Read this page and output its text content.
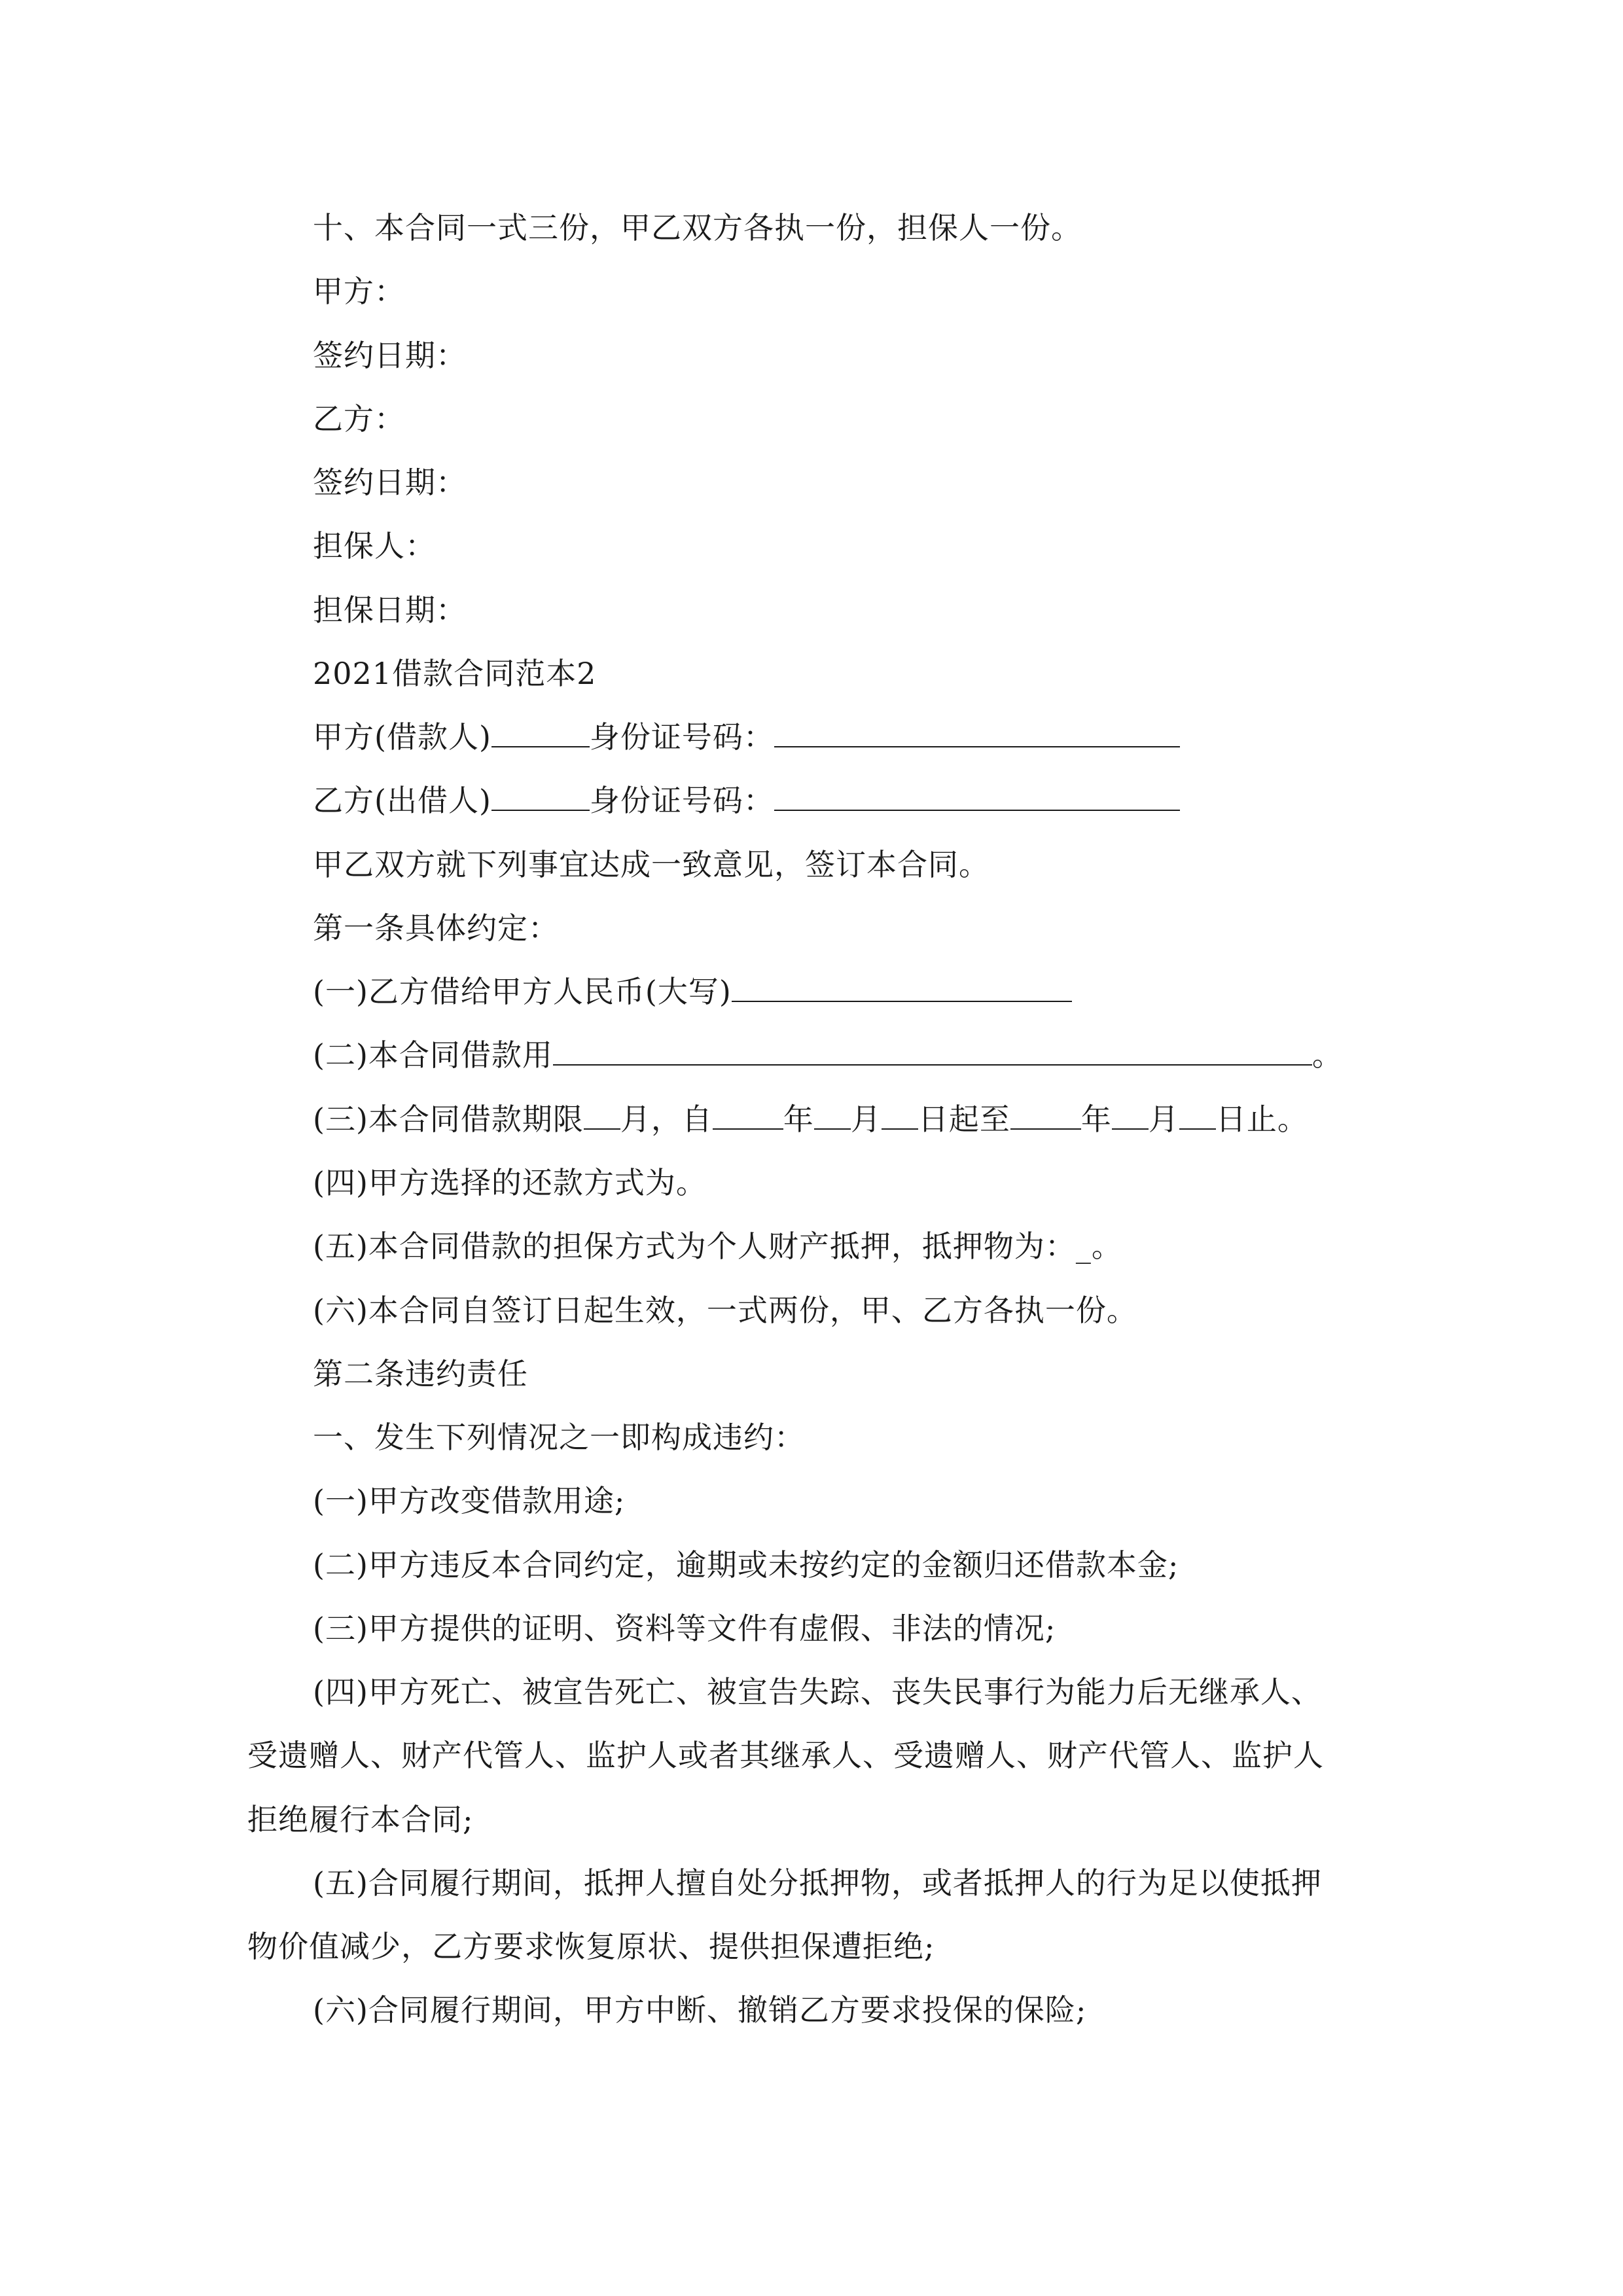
十、本合同一式三份，甲乙双方各执一份，担保人一份。
甲方：
签约日期：
乙方：
签约日期：
担保人：
担保日期：
2021借款合同范本2
甲方(借款人)	身份证号码：
乙方(出借人)	身份证号码：
甲乙双方就下列事宜达成一致意见，签订本合同。
第一条具体约定：
(一)乙方借给甲方人民币(大写)
(二)本合同借款用	。
(三)本合同借款期限 月，自 年 月 日起至 年 月 日止。
(四)甲方选择的还款方式为。
(五)本合同借款的担保方式为个人财产抵押，抵押物为：_。
(六)本合同自签订日起生效，一式两份，甲、乙方各执一份。
第二条违约责任
一、发生下列情况之一即构成违约：
(一)甲方改变借款用途;
(二)甲方违反本合同约定，逾期或未按约定的金额归还借款本金;
(三)甲方提供的证明、资料等文件有虚假、非法的情况;
(四)甲方死亡、被宣告死亡、被宣告失踪、丧失民事行为能力后无继承人、
受遗赠人、财产代管人、监护人或者其继承人、受遗赠人、财产代管人、监护人
拒绝履行本合同;
(五)合同履行期间，抵押人擅自处分抵押物，或者抵押人的行为足以使抵押
物价值减少，乙方要求恢复原状、提供担保遭拒绝;
(六)合同履行期间，甲方中断、撤销乙方要求投保的保险;
